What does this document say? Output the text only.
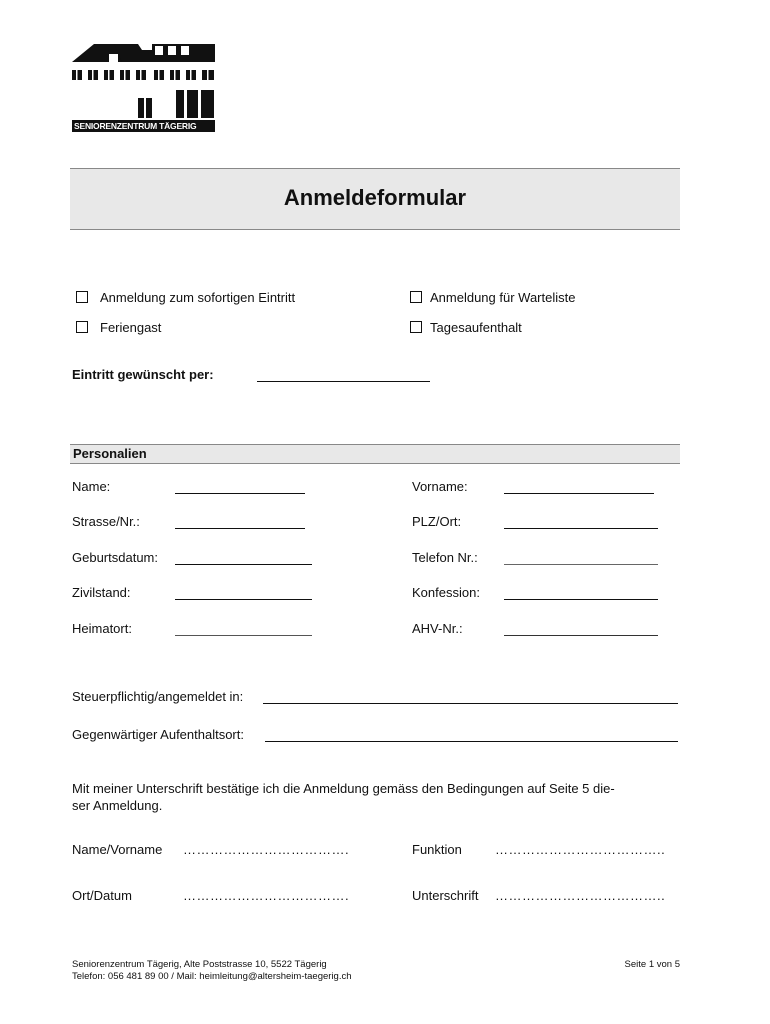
SENIORENZENTRUM TÄGERIG
Anmeldeformular
Anmeldung zum sofortigen Eintritt	Anmeldung für Warteliste
Feriengast	Tagesaufenthalt
Eintritt gewünscht per:
Personalien
Name:	Vorname:
Strasse/Nr.:	PLZ/Ort:
Geburtsdatum:	Telefon Nr.:
Zivilstand:	Konfession:
Heimatort:	AHV-Nr.:
Steuerpflichtig/angemeldet in:
Gegenwärtiger Aufenthaltsort:
Mit meiner Unterschrift bestätige ich die Anmeldung gemäss den Bedingungen auf Seite 5 die-
ser Anmeldung.
Name/Vorname ……………………………….	Funktion	………………………………..
Ort/Datum	……………………………….	Unterschrift ………………………………..
Seniorenzentrum Tägerig, Alte Poststrasse 10, 5522 Tägerig
Telefon: 056 481 89 00 / Mail: heimleitung@altersheim-taegerig.ch
Seite 1 von 5
